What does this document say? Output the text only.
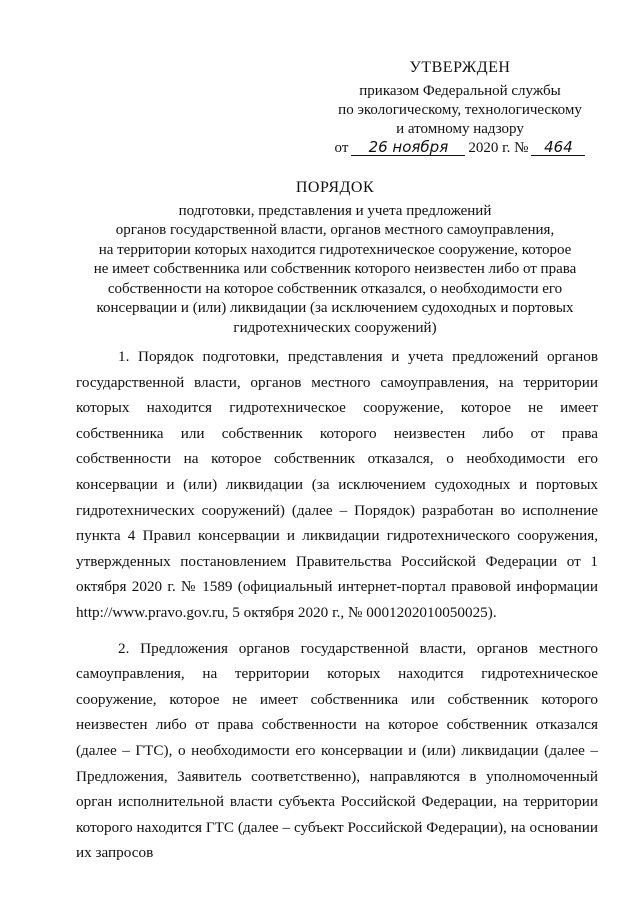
УТВЕРЖДЕН
приказом Федеральной службы
по экологическому, технологическому
и атомному надзору
от	26 ноября	2020 г. №	464
ПОРЯДОК
подготовки, представления и учета предложений
органов государственной власти, органов местного самоуправления,
на территории которых находится гидротехническое сооружение, которое
не имеет собственника или собственник которого неизвестен либо от права
собственности на которое собственник отказался, о необходимости его
консервации и (или) ликвидации (за исключением судоходных и портовых
гидротехнических сооружений)

1. Порядок подготовки, представления и учета предложений органов государственной власти, органов местного самоуправления, на территории которых находится гидротехническое сооружение, которое не имеет собственника или собственник которого неизвестен либо от права собственности на которое собственник отказался, о необходимости его консервации и (или) ликвидации (за исключением судоходных и портовых гидротехнических сооружений) (далее – Порядок) разработан во исполнение пункта 4 Правил консервации и ликвидации гидротехнического сооружения, утвержденных постановлением Правительства Российской Федерации от 1 октября 2020 г. № 1589 (официальный интернет-портал правовой информации http://www.pravo.gov.ru, 5 октября 2020 г., № 0001202010050025).

2. Предложения органов государственной власти, органов местного самоуправления, на территории которых находится гидротехническое сооружение, которое не имеет собственника или собственник которого неизвестен либо от права собственности на которое собственник отказался (далее – ГТС), о необходимости его консервации и (или) ликвидации (далее – Предложения, Заявитель соответственно), направляются в уполномоченный орган исполнительной власти субъекта Российской Федерации, на территории которого находится ГТС (далее – субъект Российской Федерации), на основании их запросов
